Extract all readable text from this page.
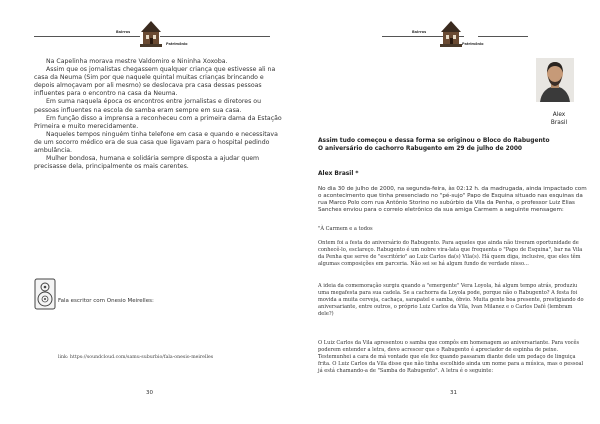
Bairros
Patrimônio

Na Capelinha morava mestre Valdomiro e Nininha Xoxoba.

Assim que os jornalistas chegassem qualquer criança que estivesse ali na casa da Neuma (Sim por que naquele quintal muitas crianças brincando e depois almoçavam por ali mesmo) se deslocava pra casa dessas pessoas influentes para o encontro na casa da Neuma.

Em suma naquela época os encontros entre jornalistas e diretores ou pessoas influentes na escola de samba eram sempre em sua casa.

Em função disso a imprensa a reconheceu com a primeira dama da Estação Primeira e muito merecidamente.

Naqueles tempos ninguém tinha telefone em casa e quando e necessitava de um socorro médico era de sua casa que ligavam para o hospital pedindo ambulância.

Mulher bondosa, humana e solidária sempre disposta a ajudar quem precisasse dela, principalmente os mais carentes.

Fala escritor com Onesio Meirelles:
link: https://soundcloud.com/samu-suburbio/fala-onesio-meirelles
30
Bairros
Patrimônio
Alex
Brasil
Assim tudo começou e dessa forma se originou o Bloco do Rabugento
O aniversário do cachorro Rabugento em 29 de julho de 2000
Alex Brasil *
No dia 30 de julho de 2000, na segunda-feira, às 02:12 h. da madrugada, ainda impactado com o acontecimento que tinha presenciado no "pé-sujo" Papo de Esquina situado nas esquinas da rua Marco Polo com rua Antônio Storino no subúrbio da Vila da Penha, o professor Luiz Elias Sanches enviou para o correio eletrônico da sua amiga Carmem a seguinte mensagem:
"À Carmem e a todos
Ontem foi a festa do aniversário do Rabugento. Para aqueles que ainda não tiveram oportunidade de conhecê-lo, esclareço. Rabugento é um nobre vira-lata que frequenta o "Papo de Esquina", bar na Vila da Penha que serve de "escritório" ao Luiz Carlos da(s) Vila(s). Há quem diga, inclusive, que eles têm algumas composições em parceria. Não sei se há algum fundo de verdade nisso...
A ideia da comemoração surgiu quando a "emergente" Vera Loyola, há algum tempo atrás, produziu uma megafesta para sua cadela. Se a cachorra da Loyola pode, porque não o Rabugento? A festa foi movida a muita cerveja, cachaça, sarapatel e samba, óbvio. Muita gente boa presente, prestigiando do aniversariante, entre outros, o próprio Luiz Carlos da Vila, Ivan Milanez e o Carlos Dafé (lembram dele?)
O Luiz Carlos da Vila apresentou o samba que compôs em homenagem ao aniversariante. Para vocês poderem entender a letra, devo acrescer que o Rabugento é apreciador de espinha de peixe. Testemunhei a cara de má vontade que ele fez quando passaram diante dele um pedaço de linguiça frita. O Luiz Carlos da Vila disse que não tinha escolhido ainda um nome para a música, mas o pessoal já está chamando-a de "Samba do Rabugento". A letra é o seguinte:
31
